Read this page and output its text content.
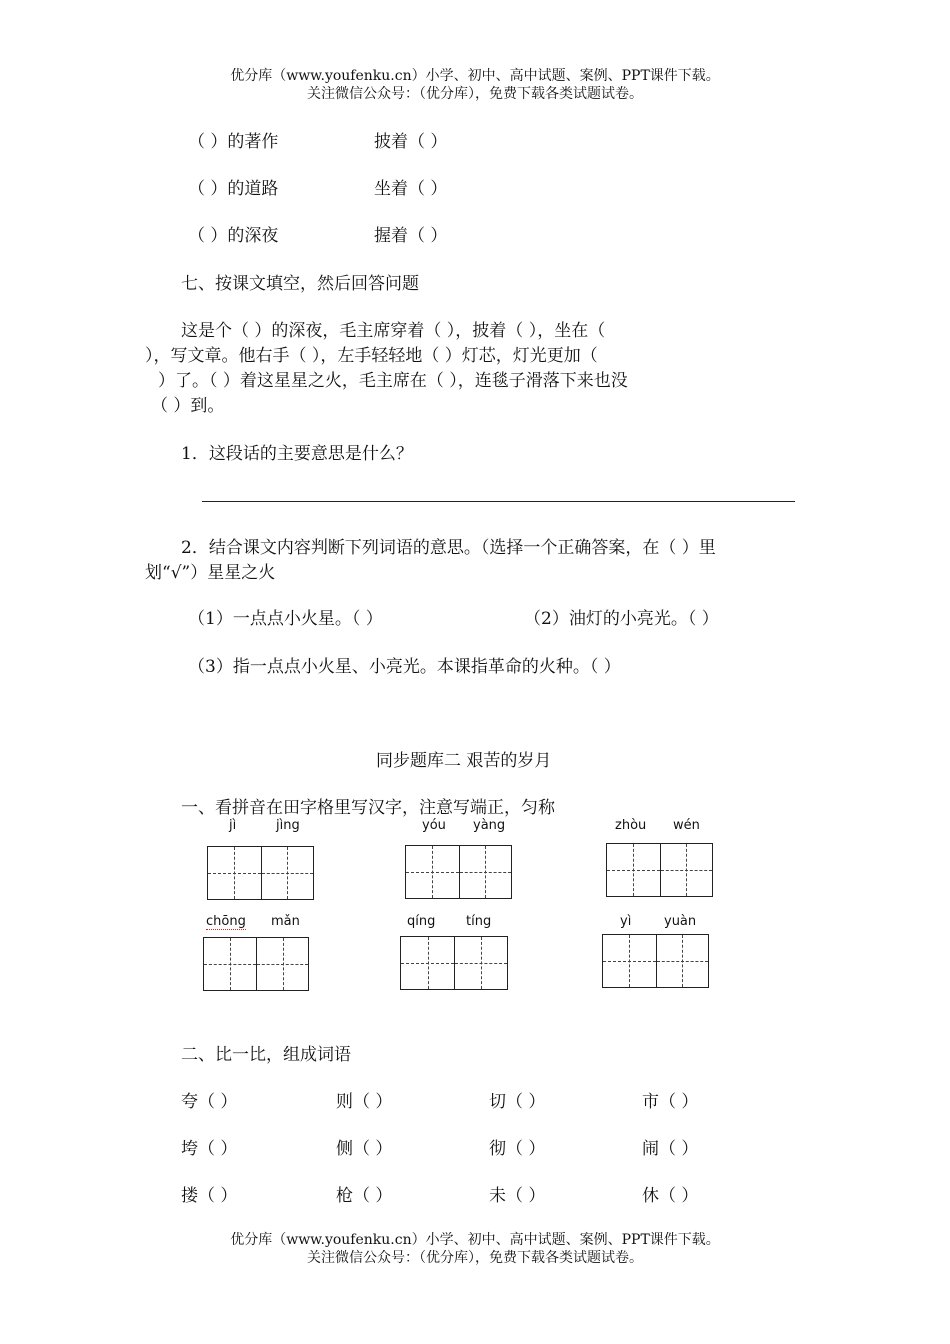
优分库（www.youfenku.cn）小学、初中、高中试题、案例、PPT课件下载。
关注微信公众号：（优分库），免费下载各类试题试卷。
（ ）的著作	披着（ ）
（ ）的道路	坐着（ ）
（ ）的深夜	握着（ ）
七、按课文填空，然后回答问题
这是个（ ）的深夜，毛主席穿着（ ），披着（ ），坐在（
），写文章。他右手（ ），左手轻轻地（ ）灯芯，灯光更加（
）了。（ ）着这星星之火，毛主席在（ ），连毯子滑落下来也没
（ ）到。
1．这段话的主要意思是什么？
2．结合课文内容判断下列词语的意思。（选择一个正确答案，在（ ）里
划“√”）星星之火
（1）一点点小火星。（ ）	（2）油灯的小亮光。（ ）
（3）指一点点小火星、小亮光。本课指革命的火种。（ ）
同步题库二 艰苦的岁月
一、看拼音在田字格里写汉字，注意写端正，匀称
jì	jìng	yóu yàng	zhòu wén
chōng mǎn	qíng tíng	yì	yuàn
二、比一比，组成词语
夸（ ）	则（ ）	切（ ）	市（ ）
垮（ ）	侧（ ）	彻（ ）	闹（ ）
搂（ ）	枪（ ）	未（ ）	休（ ）
优分库（www.youfenku.cn）小学、初中、高中试题、案例、PPT课件下载。
关注微信公众号：（优分库），免费下载各类试题试卷。
